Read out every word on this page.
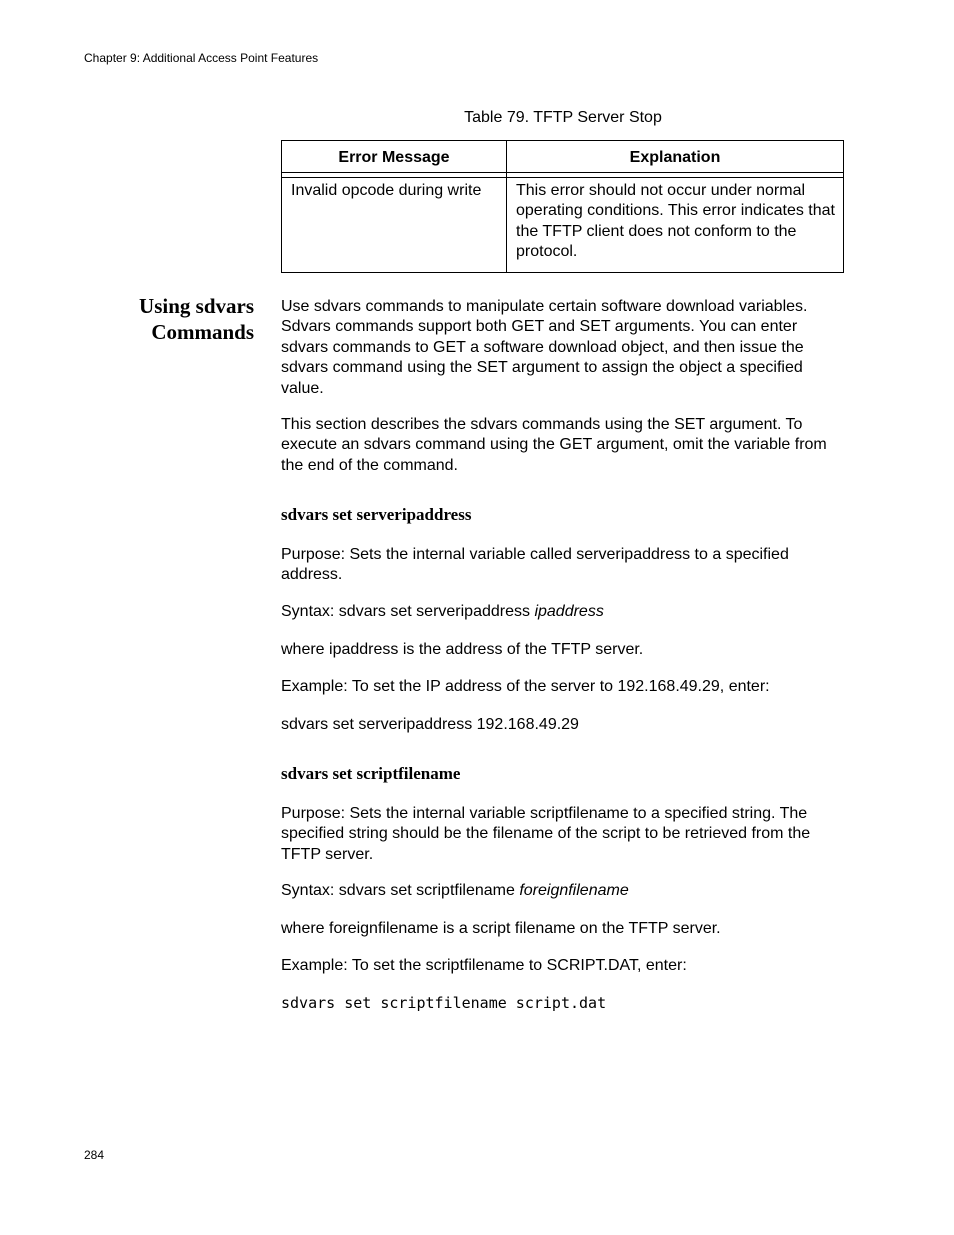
Chapter 9: Additional Access Point Features
Table 79. TFTP Server Stop
Error Message	Explanation

Invalid opcode during write	This error should not occur under normal operating conditions. This error indicates that the TFTP client does not conform to the protocol.
Using sdvars
Commands
Use sdvars commands to manipulate certain software download variables. Sdvars commands support both GET and SET arguments. You can enter sdvars commands to GET a software download object, and then issue the sdvars command using the SET argument to assign the object a specified value.
This section describes the sdvars commands using the SET argument. To execute an sdvars command using the GET argument, omit the variable from the end of the command.
sdvars set serveripaddress
Purpose: Sets the internal variable called serveripaddress to a specified address.
Syntax: sdvars set serveripaddress ipaddress
where ipaddress is the address of the TFTP server.
Example: To set the IP address of the server to 192.168.49.29, enter:
sdvars set serveripaddress 192.168.49.29
sdvars set scriptfilename
Purpose: Sets the internal variable scriptfilename to a specified string. The specified string should be the filename of the script to be retrieved from the TFTP server.
Syntax: sdvars set scriptfilename foreignfilename
where foreignfilename is a script filename on the TFTP server.
Example: To set the scriptfilename to SCRIPT.DAT, enter:
sdvars set scriptfilename script.dat
284
